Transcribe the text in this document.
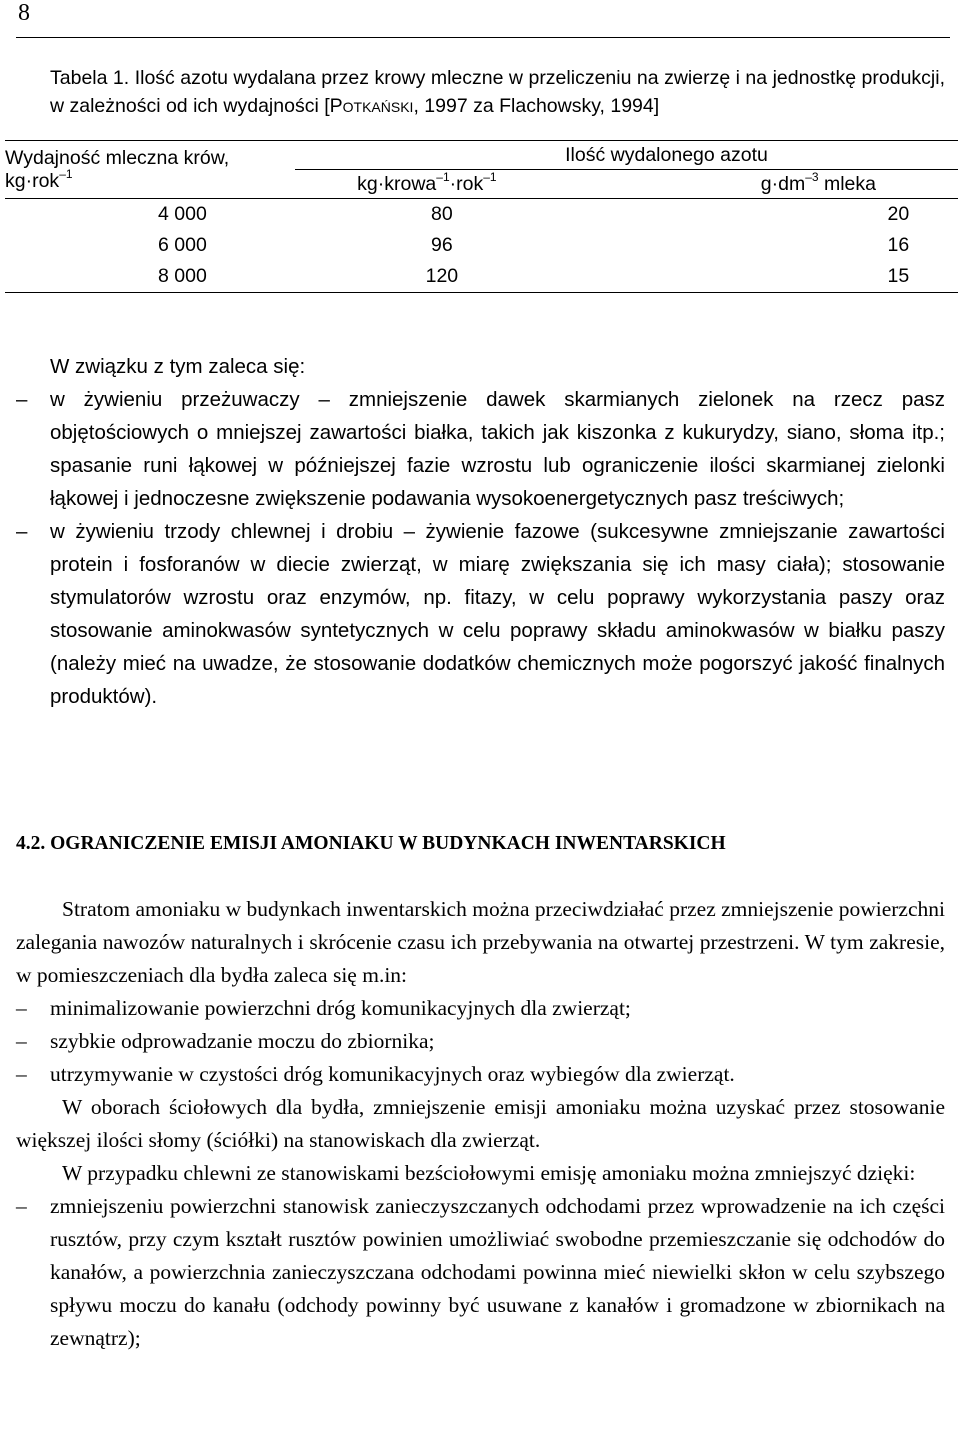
8
Tabela 1. Ilość azotu wydalana przez krowy mleczne w przeliczeniu na zwierzę i na jednostkę produkcji, w zależności od ich wydajności [Potkański, 1997 za Flachowsky, 1994]
Wydajność mleczna krów, kg·rok$^{-1}$	Ilość wydalonego azotu	
	kg·krowa$^{-1}$·rok$^{-1}$	$g\cdot dm^{-3}$ mleka
4 000	80	20
6 000	96	16
8 000	120	15
W związku z tym zaleca się:
– w żywieniu przeżuwaczy – zmniejszenie dawek skarmianych zielonek na rzecz pasz objętościowych o mniejszej zawartości białka, takich jak kiszonka z kukurydzy, siano, słoma itp.; spasanie runi łąkowej w późniejszej fazie wzrostu lub ograniczenie ilości skarmianej zielonki łąkowej i jednoczesne zwiększenie podawania wysokoenergetycznych pasz treściwych;
– w żywieniu trzody chlewnej i drobiu – żywienie fazowe (sukcesywne zmniejszanie zawartości protein i fosforanów w diecie zwierząt, w miarę zwiększania się ich masy ciała); stosowanie stymulatorów wzrostu oraz enzymów, np. fitazy, w celu poprawy wykorzystania paszy oraz stosowanie aminokwasów syntetycznych w celu poprawy składu aminokwasów w białku paszy (należy mieć na uwadze, że stosowanie dodatków chemicznych może pogorszyć jakość finalnych produktów).
4.2. OGRANICZENIE EMISJI AMONIAKU W BUDYNKACH INWENTARSKICH
Stratom amoniaku w budynkach inwentarskich można przeciwdziałać przez zmniejszenie powierzchni zalegania nawozów naturalnych i skrócenie czasu ich przebywania na otwartej przestrzeni. W tym zakresie, w pomieszczeniach dla bydła zaleca się m.in:
– minimalizowanie powierzchni dróg komunikacyjnych dla zwierząt;
– szybkie odprowadzanie moczu do zbiornika;
– utrzymywanie w czystości dróg komunikacyjnych oraz wybiegów dla zwierząt.
W oborach ściołowych dla bydła, zmniejszenie emisji amoniaku można uzyskać przez stosowanie większej ilości słomy (ściółki) na stanowiskach dla zwierząt.
W przypadku chlewni ze stanowiskami bezściołowymi emisję amoniaku można zmniejszyć dzięki:
– zmniejszeniu powierzchni stanowisk zanieczyszczanych odchodami przez wprowadzenie na ich części rusztów, przy czym kształt rusztów powinien umożliwiać swobodne przemieszczanie się odchodów do kanałów, a powierzchnia zanieczyszczana odchodami powinna mieć niewielki skłon w celu szybszego spływu moczu do kanału (odchody powinny być usuwane z kanałów i gromadzone w zbiornikach na zewnątrz);
